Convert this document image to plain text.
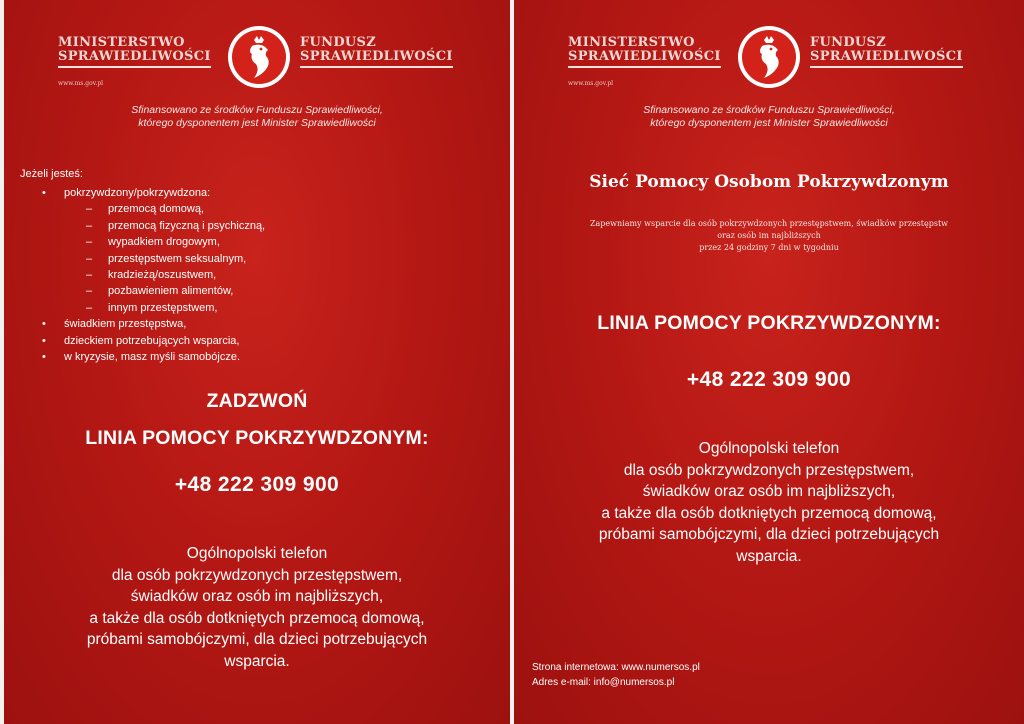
MINISTERSTWO
SPRAWIEDLIWOŚCI
www.ms.gov.pl
FUNDUSZ
SPRAWIEDLIWOŚCI
Sfinansowano ze środków Funduszu Sprawiedliwości,
którego dysponentem jest Minister Sprawiedliwości
Jeżeli jesteś:
• pokrzywdzony/pokrzywdzona:
– przemocą domową,
– przemocą fizyczną i psychiczną,
– wypadkiem drogowym,
– przestępstwem seksualnym,
– kradzieżą/oszustwem,
– pozbawieniem alimentów,
– innym przestępstwem,
• świadkiem przestępstwa,
• dzieckiem potrzebujących wsparcia,
• w kryzysie, masz myśli samobójcze.
ZADZWOŃ
LINIA POMOCY POKRZYWDZONYM:
+48 222 309 900
Ogólnopolski telefon
dla osób pokrzywdzonych przestępstwem,
świadków oraz osób im najbliższych,
a także dla osób dotkniętych przemocą domową,
próbami samobójczymi, dla dzieci potrzebujących
wsparcia.
MINISTERSTWO
SPRAWIEDLIWOŚCI
www.ms.gov.pl
FUNDUSZ
SPRAWIEDLIWOŚCI
Sfinansowano ze środków Funduszu Sprawiedliwości,
którego dysponentem jest Minister Sprawiedliwości
Sieć Pomocy Osobom Pokrzywdzonym
Zapewniamy wsparcie dla osób pokrzywdzonych przestępstwem, świadków przestępstw
oraz osób im najbliższych
przez 24 godziny 7 dni w tygodniu
LINIA POMOCY POKRZYWDZONYM:
+48 222 309 900
Ogólnopolski telefon
dla osób pokrzywdzonych przestępstwem,
świadków oraz osób im najbliższych,
a także dla osób dotkniętych przemocą domową,
próbami samobójczymi, dla dzieci potrzebujących
wsparcia.
Strona internetowa: www.numersos.pl
Adres e-mail: info@numersos.pl
